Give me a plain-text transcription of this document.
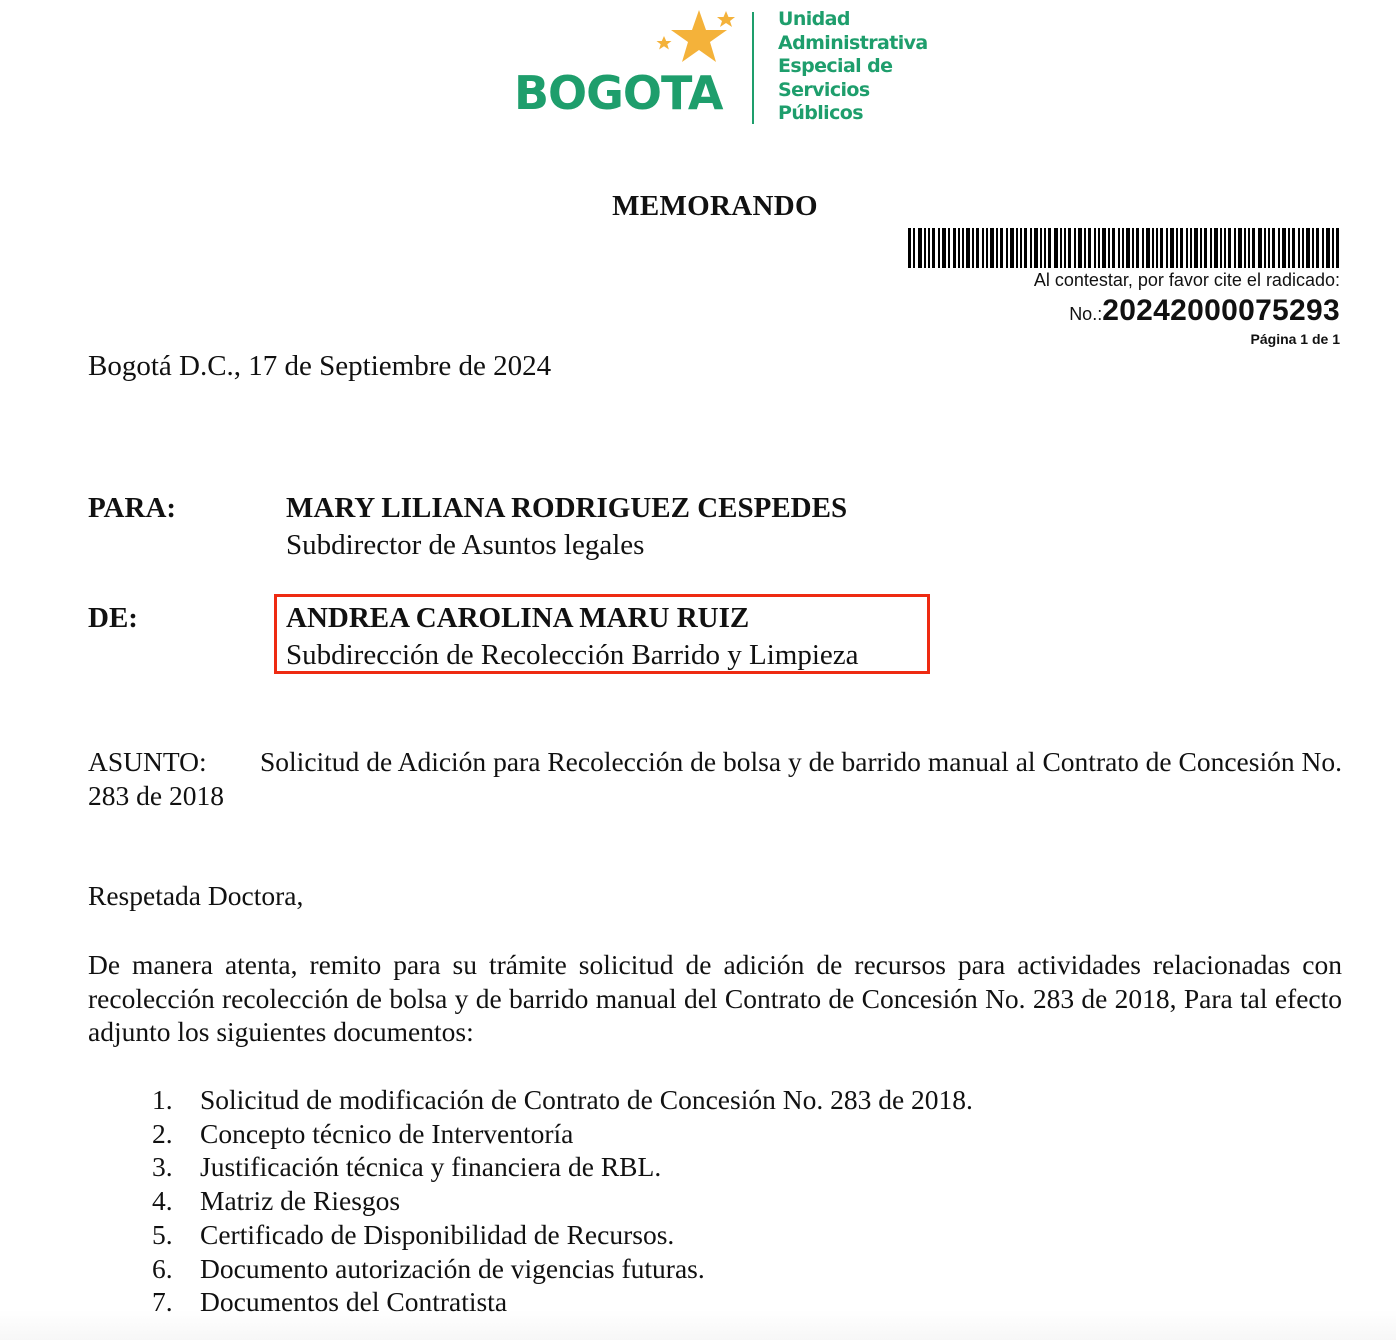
BOGOTA
Unidad
Administrativa
Especial de
Servicios
Públicos
MEMORANDO
Al contestar, por favor cite el radicado:
No.:20242000075293
Página 1 de 1
Bogotá D.C., 17 de Septiembre de 2024
PARA:	MARY LILIANA RODRIGUEZ CESPEDES
Subdirector de Asuntos legales
DE:	ANDREA CAROLINA MARU RUIZ
Subdirección de Recolección Barrido y Limpieza
ASUNTO: Solicitud de Adición para Recolección de bolsa y de barrido manual al Contrato de Concesión No. 283 de 2018
Respetada Doctora,
De manera atenta, remito para su trámite solicitud de adición de recursos para actividades relacionadas con recolección recolección de bolsa y de barrido manual del Contrato de Concesión No. 283 de 2018, Para tal efecto adjunto los siguientes documentos:
1. Solicitud de modificación de Contrato de Concesión No. 283 de 2018.
2. Concepto técnico de Interventoría
3. Justificación técnica y financiera de RBL.
4. Matriz de Riesgos
5. Certificado de Disponibilidad de Recursos.
6. Documento autorización de vigencias futuras.
7. Documentos del Contratista
